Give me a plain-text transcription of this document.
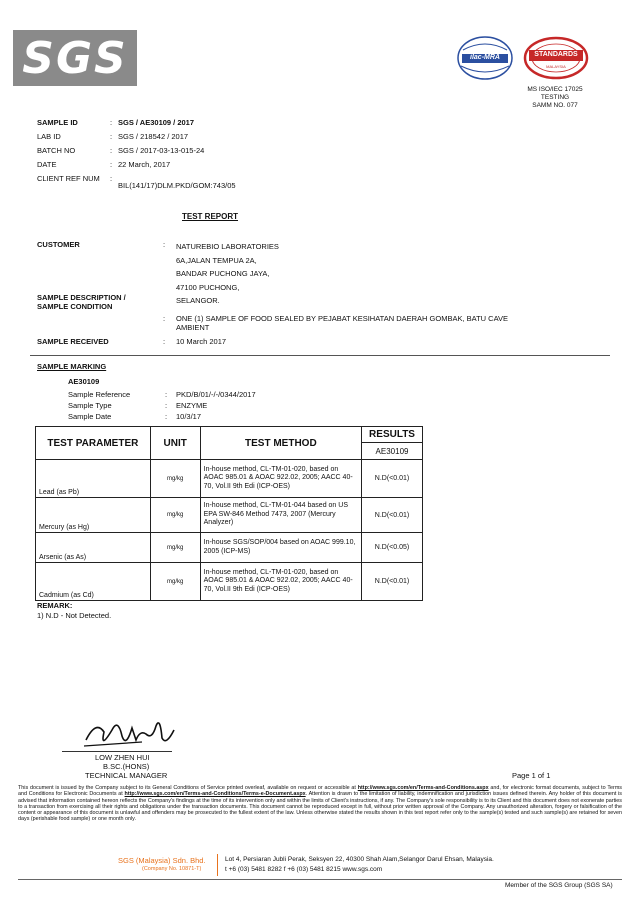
SGS	ilac-MRA	STANDARDS
MALAYSIA
MS ISO/IEC 17025
TESTING
SAMM NO. 077
SAMPLE ID	: SGS / AE30109 / 2017
LAB ID	: SGS / 218542 / 2017
BATCH NO	: SGS / 2017-03-13-015-24
DATE	: 22 March, 2017
CLIENT REF NUM :
BIL(141/17)DLM.PKD/GOM:743/05
TEST REPORT
CUSTOMER	: NATUREBIO LABORATORIES
6A,JALAN TEMPUA 2A,
BANDAR PUCHONG JAYA,
47100 PUCHONG,
SELANGOR.
SAMPLE DESCRIPTION /
SAMPLE CONDITION
: ONE (1) SAMPLE OF FOOD SEALED BY PEJABAT KESIHATAN DAERAH GOMBAK, BATU CAVE
AMBIENT
SAMPLE RECEIVED	: 10 March 2017
SAMPLE MARKING
AE30109
Sample Reference	: PKD/B/01/-/-/0344/2017
Sample Type	: ENZYME
Sample Date	: 10/3/17
TEST PARAMETER	UNIT	TEST METHOD	RESULTS
			AE30109
Lead (as Pb)	mg/kg	In-house method, CL-TM-01-020, based on AOAC 985.01 & AOAC 922.02, 2005; AACC 40-70, Vol.II 9th Edi (ICP-OES)	N.D(<0.01)
Mercury (as Hg)	mg/kg	In-house method, CL-TM-01-044 based on US EPA SW-846 Method 7473, 2007 (Mercury Analyzer)	N.D(<0.01)
Arsenic (as As)	mg/kg	In-house SGS/SOP/004 based on AOAC 999.10, 2005 (ICP-MS)	N.D(<0.05)
Cadmium (as Cd)	mg/kg	In-house method, CL-TM-01-020, based on AOAC 985.01 & AOAC 922.02, 2005; AACC 40-70, Vol.II 9th Edi (ICP-OES)	N.D(<0.01)
REMARK:
1) N.D - Not Detected.
LOW ZHEN HUI
B.SC.(HONS)
TECHNICAL MANAGER	Page 1 of 1
This document is issued by the Company subject to its General Conditions of Service printed overleaf, available on request or accessible at http://www.sgs.com/en/Terms-and-Conditions.aspx and, for electronic format documents, subject to Terms and Conditions for Electronic Documents at http://www.sgs.com/en/Terms-and-Conditions/Terms-e-Document.aspx. Attention is drawn to the limitation of liability, indemnification and jurisdiction issues defined therein. Any holder of this document is advised that information contained hereon reflects the Company's findings at the time of its intervention only and within the limits of Client's instructions, if any. The Company's sole responsibility is to its Client and this document does not exonerate parties to a transaction from exercising all their rights and obligations under the transaction documents. This document cannot be reproduced except in full, without prior written approval of the Company. Any unauthorized alteration, forgery or falsification of the content or appearance of this document is unlawful and offenders may be prosecuted to the fullest extent of the law. Unless otherwise stated the results shown in this test report refer only to the sample(s) tested and such sample(s) are retained for seven days (perishable food sample) or one month only.
SGS (Malaysia) Sdn. Bhd.
(Company No. 10871-T)
Lot 4, Persiaran Jubli Perak, Seksyen 22, 40300 Shah Alam,Selangor Darul Ehsan, Malaysia.
t +6 (03) 5481 8282 f +6 (03) 5481 8215 www.sgs.com
Member of the SGS Group (SGS SA)
